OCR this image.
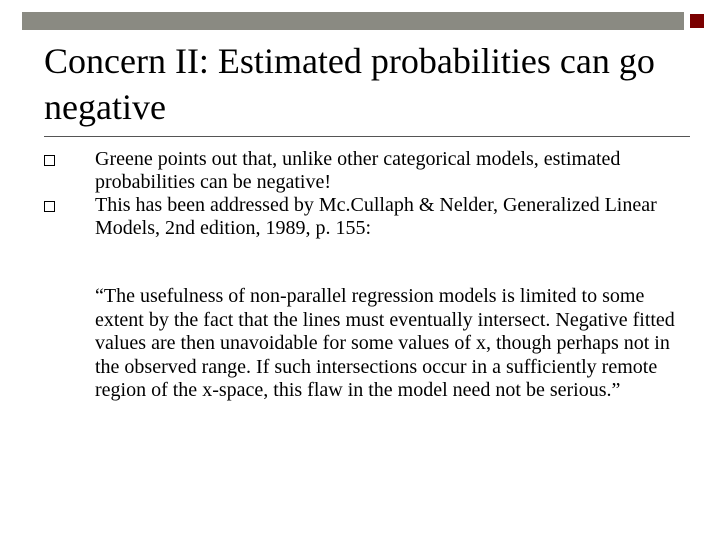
Concern II: Estimated probabilities can go negative
Greene points out that, unlike other categorical models, estimated probabilities can be negative!
This has been addressed by Mc.Cullaph & Nelder, Generalized Linear Models, 2nd edition, 1989, p. 155:

“The usefulness of non-parallel regression models is limited to some extent by the fact that the lines must eventually intersect. Negative fitted values are then unavoidable for some values of x, though perhaps not in the observed range. If such intersections occur in a sufficiently remote region of the x-space, this flaw in the model need not be serious.”
